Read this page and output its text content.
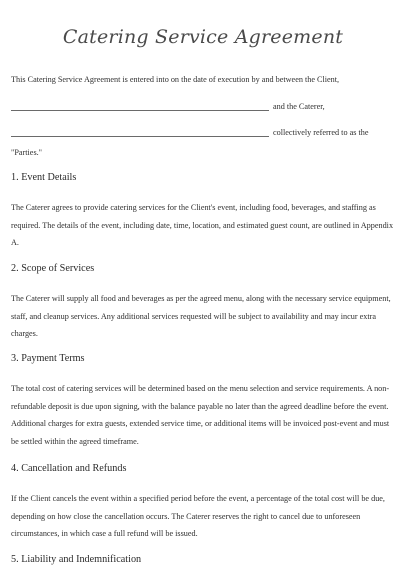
Catering Service Agreement
This Catering Service Agreement is entered into on the date of execution by and between the Client,
and the Caterer,
collectively referred to as the
"Parties."
1. Event Details

The Caterer agrees to provide catering services for the Client's event, including food, beverages, and staffing as required. The details of the event, including date, time, location, and estimated guest count, are outlined in Appendix A.

2. Scope of Services

The Caterer will supply all food and beverages as per the agreed menu, along with the necessary service equipment, staff, and cleanup services. Any additional services requested will be subject to availability and may incur extra charges.

3. Payment Terms

The total cost of catering services will be determined based on the menu selection and service requirements. A non-refundable deposit is due upon signing, with the balance payable no later than the agreed deadline before the event. Additional charges for extra guests, extended service time, or additional items will be invoiced post-event and must be settled within the agreed timeframe.

4. Cancellation and Refunds

If the Client cancels the event within a specified period before the event, a percentage of the total cost will be due, depending on how close the cancellation occurs. The Caterer reserves the right to cancel due to unforeseen circumstances, in which case a full refund will be issued.

5. Liability and Indemnification
